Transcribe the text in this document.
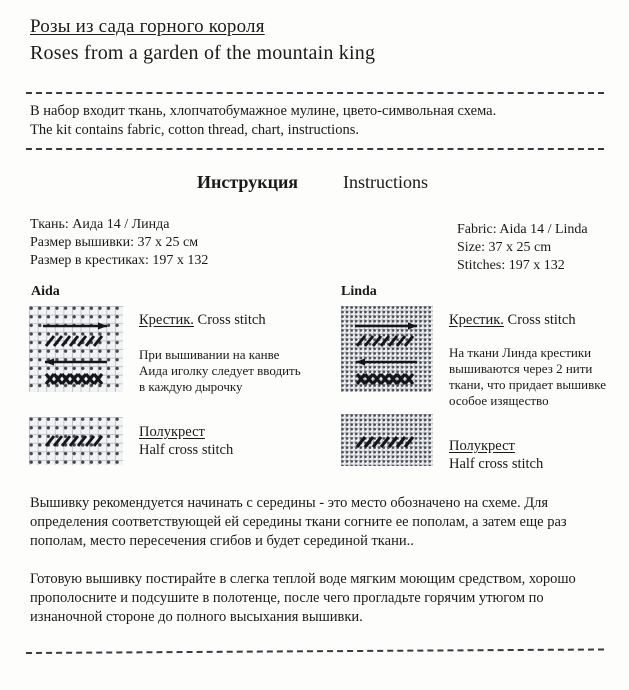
Розы из сада горного короля
Roses from a garden of the mountain king
В набор входит ткань, хлопчатобумажное мулине, цвето-символьная схема.
The kit contains fabric, cotton thread, chart, instructions.
Инструкция Instructions
Ткань: Аида 14 / Линда
Размер вышивки: 37 x 25 см
Размер в крестиках: 197 x 132
Fabric: Aida 14 / Linda
Size: 37 x 25 cm
Stitches: 197 x 132
Aida
Крестик. Cross stitch
При вышивании на канве
Аида иголку следует вводить
в каждую дырочку
Полукрест
Half cross stitch
Linda
Крестик. Cross stitch
На ткани Линда крестики
вышиваются через 2 нити
ткани, что придает вышивке
особое изящество
Полукрест
Half cross stitch
Вышивку рекомендуется начинать с середины - это место обозначено на схеме. Для определения соответствующей ей середины ткани согните ее пополам, а затем еще раз пополам, место пересечения сгибов и будет серединой ткани..
Готовую вышивку постирайте в слегка теплой воде мягким моющим средством, хорошо прополосните и подсушите в полотенце, после чего прогладьте горячим утюгом по изнаночной стороне до полного высыхания вышивки.
